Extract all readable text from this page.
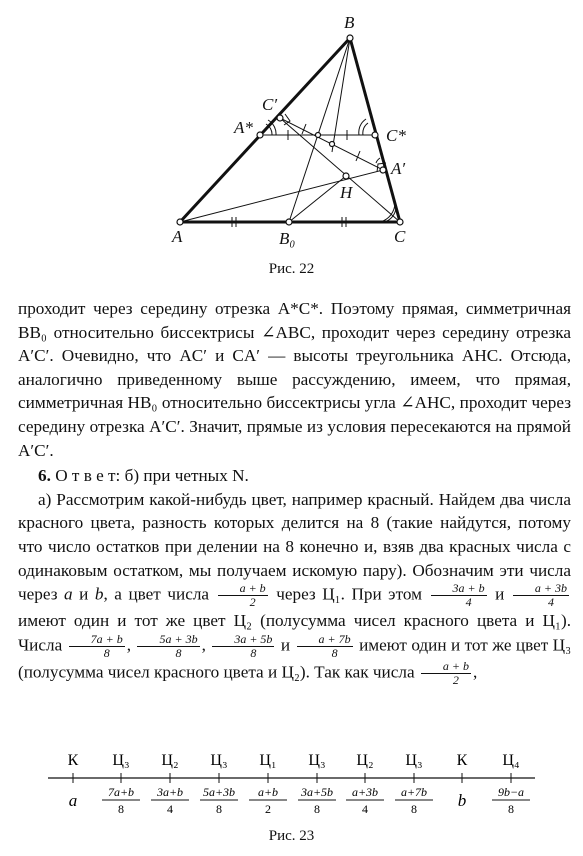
B
A	C
B₀
C′
A*	C*
A′
H
Рис. 22

проходит через середину отрезка A*C*. Поэтому прямая, симметричная BB₀ относительно биссектрисы ∠ABC, проходит через середину отрезка A′C′. Очевидно, что AC′ и CA′ — высоты треугольника AHC. Отсюда, аналогично приведенному выше рассуждению, имеем, что прямая, симметричная HB₀ относительно биссектрисы угла ∠AHC, проходит через середину отрезка A′C′. Значит, прямые из условия пересекаются на прямой A′C′.

6. О т в е т: б) при четных N.

а) Рассмотрим какой-нибудь цвет, например красный. Найдем два числа красного цвета, разность которых делится на 8 (такие найдутся, потому что число остатков при делении на 8 конечно и, взяв два красных числа с одинаковым остатком, мы получаем искомую пару). Обозначим эти числа через a и b, а цвет числа $\frac{a + b}{2}$ через Ц₁. При этом $\frac{3a + b}{4}$ и $\frac{a + 3b}{4}$
имеют один и тот же цвет Ц₂ (полусумма чисел красного цвета и Ц₁). Числа $\frac{7a + b}{8}$ , $\frac{5a + 3b}{8}$ , $\frac{3a + 5b}{8}$ и $\frac{a + 7b}{8}$ имеют один и тот же цвет Ц₃ (полусумма чисел красного цвета и Ц₂). Так как числа $\frac{a + b}{2}$ ,

К
a
Ц₃
7a+b
8
Ц₂
3a+b
4
Ц₃
5a+3b
8
Ц₁
a+b
2
Ц₃
3a+5b
8
Ц₂
a+3b
4
Ц₃
a+7b
8
К
b
Ц₄
9b−a
8
Рис. 23
